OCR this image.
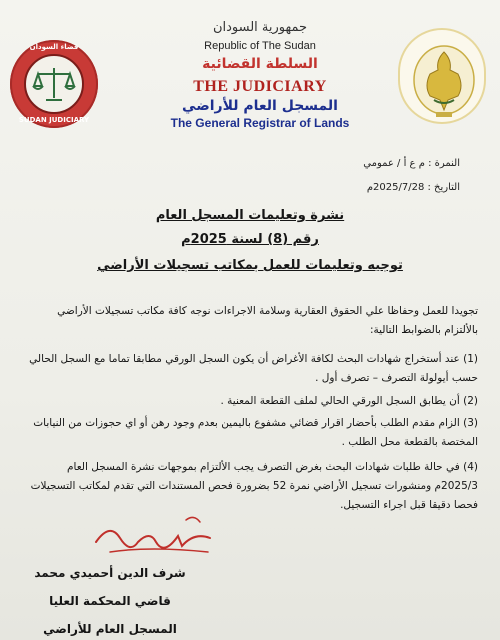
قضاء السودان
SUDAN JUDICIARY
جمهورية السودان
Republic of The Sudan
السلطة القضائية
THE JUDICIARY
المسجل العام للأراضي
The General Registrar of Lands
النمرة : م ع أ / عمومي
التاريخ : 2025/7/28م
نشرة وتعليمات المسجل العام
رقم (8) لسنة 2025م
توجيه وتعليمات للعمل بمكاتب تسجيلات الأراضي
تجويدا للعمل وحفاظا علي الحقوق العقارية وسلامة الاجراءات نوجه كافة مكاتب تسجيلات الأراضي بالألتزام بالضوابط التالية:
(1) عند أستخراج شهادات البحث لكافة الأغراض أن يكون السجل الورقي مطابقا تماما مع السجل الحالي حسب أيولولة التصرف – تصرف أول .
(2) أن يطابق السجل الورقي الحالي لملف القطعة المعنية .
(3) الزام مقدم الطلب بأحضار اقرار قضائي مشفوع باليمين بعدم وجود رهن أو اي حجوزات من النيابات المختصة بالقطعة محل الطلب .
(4) في حالة طلبات شهادات البحث بغرض التصرف يجب الألتزام بموجهات نشرة المسجل العام 2025/3م ومنشورات تسجيل الأراضي نمرة 52 بضرورة فحص المستندات التي تقدم لمكاتب التسجيلات فحصا دقيقا قبل اجراء التسجيل.
شرف الدين أحميدي محمد
قاضي المحكمة العليا
المسجل العام للأراضي
